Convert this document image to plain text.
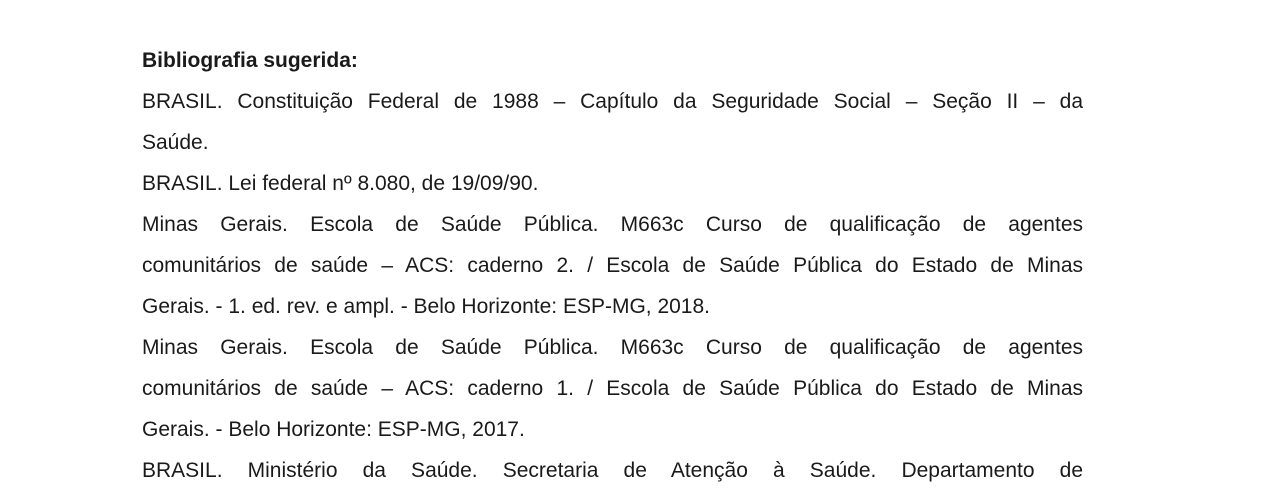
Bibliografia sugerida:

BRASIL. Constituição Federal de 1988 – Capítulo da Seguridade Social – Seção II – da
Saúde.
BRASIL. Lei federal nº 8.080, de 19/09/90.
Minas Gerais. Escola de Saúde Pública. M663c Curso de qualificação de agentes
comunitários de saúde – ACS: caderno 2. / Escola de Saúde Pública do Estado de Minas
Gerais. - 1. ed. rev. e ampl. - Belo Horizonte: ESP-MG, 2018.
Minas Gerais. Escola de Saúde Pública. M663c Curso de qualificação de agentes
comunitários de saúde – ACS: caderno 1. / Escola de Saúde Pública do Estado de Minas
Gerais. - Belo Horizonte: ESP-MG, 2017.
BRASIL. Ministério da Saúde. Secretaria de Atenção à Saúde. Departamento de
